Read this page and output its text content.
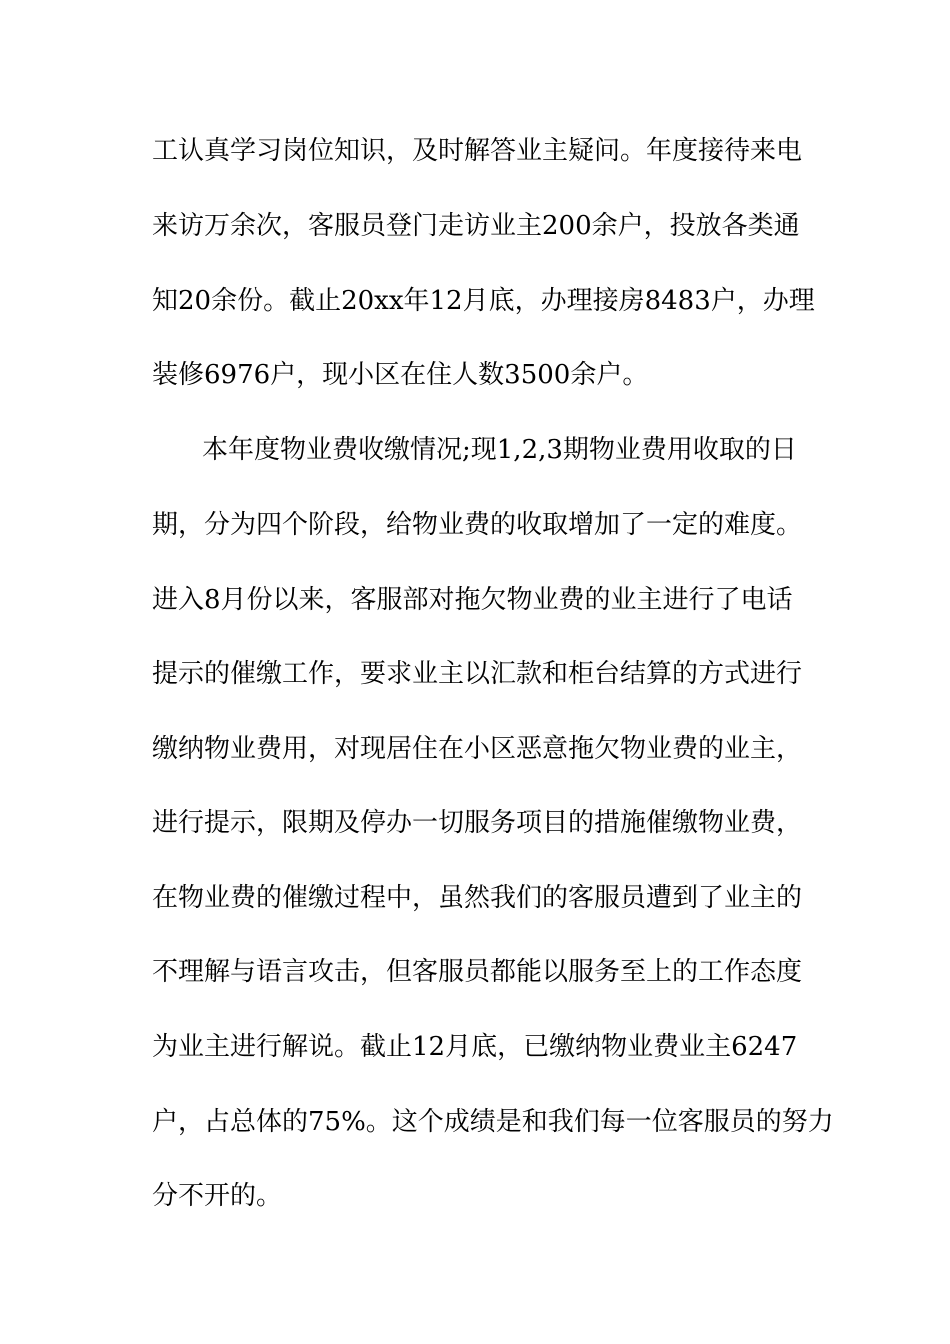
工认真学习岗位知识，及时解答业主疑问。年度接待来电
来访万余次，客服员登门走访业主200余户，投放各类通
知20余份。截止20xx年12月底，办理接房8483户，办理
装修6976户，现小区在住人数3500余户。
本年度物业费收缴情况;现1,2,3期物业费用收取的日
期，分为四个阶段，给物业费的收取增加了一定的难度。
进入8月份以来，客服部对拖欠物业费的业主进行了电话
提示的催缴工作，要求业主以汇款和柜台结算的方式进行
缴纳物业费用，对现居住在小区恶意拖欠物业费的业主，
进行提示，限期及停办一切服务项目的措施催缴物业费，
在物业费的催缴过程中，虽然我们的客服员遭到了业主的
不理解与语言攻击，但客服员都能以服务至上的工作态度
为业主进行解说。截止12月底，已缴纳物业费业主6247
户，占总体的75%。这个成绩是和我们每一位客服员的努力
分不开的。
